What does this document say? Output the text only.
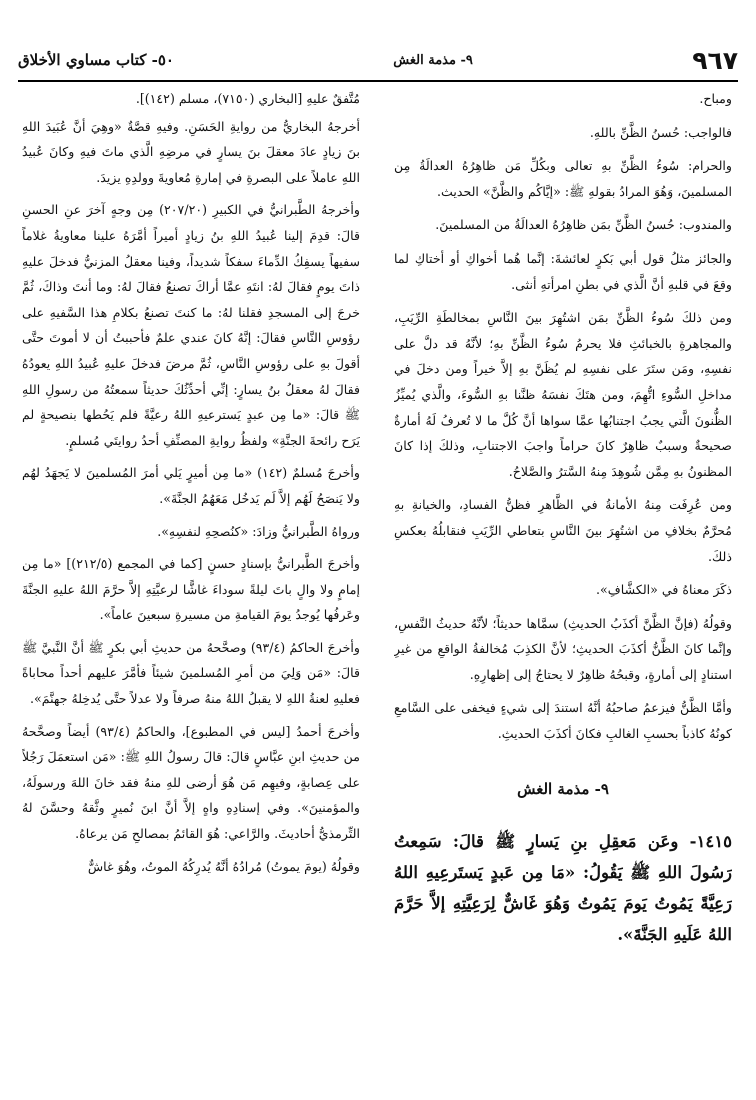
٩٦٧
٩- مذمة الغش
٥٠- كتاب مساوي الأخلاق

ومباح.

فالواجب: حُسنُ الظَّنِّ باللهِ.

والحرام: سُوءُ الظَّنِّ بهِ تعالى وبكُلِّ مَن ظاهِرُهُ العدالَةُ مِن المسلمينَ، وَهُوَ المرادُ بقولهِ ﷺ: «إيَّاكُم والظَّنَّ» الحديث.

والمندوب: حُسنُ الظَّنِّ بمَن ظاهِرُهُ العدالَةُ من المسلمينَ.

والجائز مثلُ قول أبي بَكرٍ لعائشةَ: إنَّما هُما أخواكِ أو أختاكِ لما وقعَ في قلبهِ أنَّ الَّذي في بطنِ امرأتهِ أنثى.

ومن ذلكَ سُوءُ الظَّنِّ بمَن اشتُهِرَ بينَ النَّاسِ بمخالطَةِ الرِّيَبِ، والمجاهرةِ بالخبائثِ فلا يحرمُ سُوءُ الظَّنِّ بهِ؛ لأنَّهُ قد دلَّ على نفسِهِ، ومَن ستَرَ على نفسِهِ لم يُظَنَّ بهِ إلاَّ خيراً ومن دخلَ في مداخلِ السُّوءِ اتُّهِمَ، ومن هتَكَ نفسَهُ ظنَّنا بهِ السُّوءَ، والَّذي يُميِّزُ الظُّنونَ الَّتي يجبُ اجتنابُها عمَّا سواها أنَّ كُلَّ ما لا تُعرفُ لَهُ أمارةٌ صحيحةٌ وسببٌ ظاهِرٌ كانَ حراماً واجبَ الاجتنابِ، وذلكَ إذا كانَ المظنونُ بهِ مِمَّن شُوهِدَ مِنهُ السَّترُ والصَّلاحُ.

ومن عُرِفَت مِنهُ الأمانةُ في الظَّاهرِ فظنُّ الفسادِ، والخيانةِ بهِ مُحرَّمٌ بخلافِ من اشتُهِرَ بينَ النَّاسِ بتعاطي الرِّيَبِ فنقابلُهُ بعكسِ ذلكَ.

ذكَرَ معناهُ في «الكشَّافِ».

وقولُهُ (فإنَّ الظَّنَّ أكذَبُ الحديثِ) سمَّاها حديثاً؛ لأنَّهُ حديثُ النَّفسِ، وإنَّما كانَ الظَّنُّ أكذَبَ الحديثِ؛ لأنَّ الكذِبَ مُخالفةُ الواقعِ من غيرِ استنادٍ إلى أمارةٍ، وقبحُهُ ظاهِرٌ لا يحتاجُ إلى إظهارِهِ.

وأمَّا الظَّنُّ فيزعمُ صاحبُهُ أنَّهُ استندَ إلى شيءٍ فيخفى على السَّامعِ كونُهُ كاذباً بحسبِ الغالبِ فكانَ أكذَبَ الحديثِ.

٩- مذمة الغش

١٤١٥- وعَن مَعقِلِ بنِ يَسارٍ ﷺ قالَ: سَمِعتُ رَسُولَ اللهِ ﷺ يَقُولُ: «مَا مِن عَبدٍ يَستَرعِيهِ اللهُ رَعِيَّةً يَمُوتُ يَومَ يَمُوتُ وَهُوَ غَاشٌّ لِرَعِيَّتِهِ إلاَّ حَرَّمَ اللهُ عَلَيهِ الجَنَّةَ».

مُتَّفقٌ عليهِ [البخاري (٧١٥٠)، مسلم (١٤٢)].

أخرجهُ البخاريُّ من روايةِ الحَسَنِ. وفيهِ قصَّةٌ «وهِيَ أنَّ عُبَيدَ اللهِ بنَ زيادٍ عادَ معقلَ بنَ يسارٍ في مرضِهِ الَّذي ماتَ فيهِ وكانَ عُبيدُ اللهِ عاملاً على البصرةِ في إمارةِ مُعاويةَ وولدِهِ يزيدَ.

وأخرجهُ الطَّبرانيُّ في الكبيرِ (٢٠٧/٢٠) مِن وجهٍ آخرَ عنِ الحسنِ قالَ: قدِمَ إلينا عُبيدُ اللهِ بنُ زيادٍ أميراً أمَّرَهُ علينا معاويةُ غلاماً سفيهاً يسفِكُ الدِّماءَ سفكاً شديداً، وفينا معقلُ المزنيُّ فدخلَ عليهِ ذاتَ يومٍ فقالَ لهُ: انتَهِ عمَّا أراكَ تصنعُ فقالَ لهُ: وما أنتَ وذاكَ، ثُمَّ خرجَ إلى المسجدِ فقلنا لهُ: ما كنتَ تصنعُ بكلامِ هذا السَّفيهِ على رؤوسِ النَّاسِ فقالَ: إنَّهُ كانَ عندي علمٌ فأحببتُ أن لا أموتَ حتَّى أقولَ بهِ على رؤوسِ النَّاسِ، ثُمَّ مرضَ فدخلَ عليهِ عُبيدُ اللهِ يعودُهُ فقالَ لهُ معقلُ بنُ يسارٍ: إنِّي أحدِّثُكَ حديثاً سمعتُهُ من رسولِ اللهِ ﷺ قالَ: «ما مِن عبدٍ يَسترعيهِ اللهُ رعيَّةً فلم يَحُطها بنصيحةٍ لم يَرَح رائحةَ الجنَّةِ» ولفظُ روايةِ المصنِّفِ أحدُ روايتَي مُسلمٍ.

وأخرجَ مُسلمٌ (١٤٢) «ما مِن أميرٍ يَلي أمرَ المُسلمينَ لا يَجهَدُ لهُم ولا يَنصَحُ لَهُم إلاَّ لَم يَدخُل مَعَهُمُ الجنَّةَ».

ورواهُ الطَّبرانيُّ وزادَ: «كنُصحِهِ لنفسِهِ».

وأخرجَ الطَّبرانيُّ بإسنادٍ حسنٍ [كما في المجمع (٢١٢/٥)] «ما مِن إمامٍ ولا والٍ باتَ ليلةً سوداءَ غاشًّا لرعيَّتِهِ إلاَّ حرَّمَ اللهُ عليهِ الجنَّةَ وعَرفُها يُوجدُ يومَ القيامةِ من مسيرةِ سبعينَ عاماً».

وأخرجَ الحاكمُ (٩٣/٤) وصحَّحهُ من حديثِ أبي بكرٍ ﷺ أنَّ النَّبيَّ ﷺ قالَ: «مَن وَلِيَ من أمرِ المُسلمينَ شيئاً فأمَّرَ عليهم أحداً محاباةً فعليهِ لعنةُ اللهِ لا يقبلُ اللهُ منهُ صرفاً ولا عدلاً حتَّى يُدخِلهُ جهنَّمَ».

وأخرجَ أحمدُ [ليس في المطبوع]، والحاكمُ (٩٣/٤) أيضاً وصحَّحهُ من حديثِ ابنِ عبَّاسٍ قالَ: قالَ رسولُ اللهِ ﷺ: «مَن استعمَلَ رَجُلاً على عِصابةٍ، وفيهِم مَن هُوَ أرضى للهِ منهُ فقد خانَ اللهَ ورسولَهُ، والمؤمنينَ». وفي إسنادِهِ واهٍ إلاَّ أنَّ ابنَ نُميرٍ وثَّقهُ وحسَّنَ لهُ التِّرمذيُّ أحاديثَ. والرَّاعي: هُوَ القائمُ بمصالحِ مَن يرعاهُ.

وقولُهُ (يومَ يموتُ) مُرادُهُ أنَّهُ يُدرِكُهُ الموتُ، وهُوَ غاشٌّ
